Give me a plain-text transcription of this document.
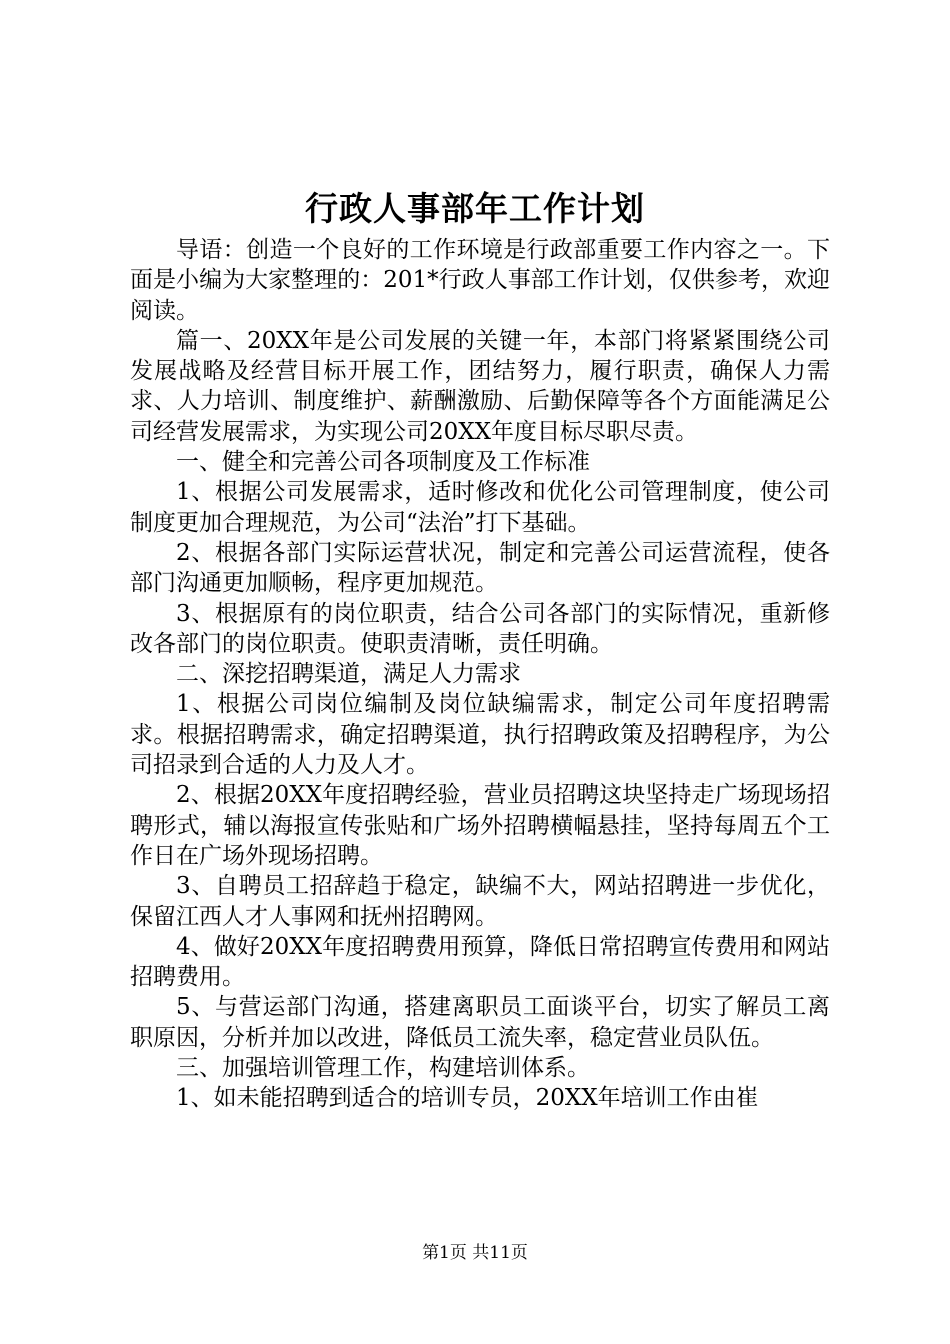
行政人事部年工作计划

导语：创造一个良好的工作环境是行政部重要工作内容之一。下面是小编为大家整理的：201*行政人事部工作计划，仅供参考，欢迎阅读。

篇一、20XX年是公司发展的关键一年，本部门将紧紧围绕公司发展战略及经营目标开展工作，团结努力，履行职责，确保人力需求、人力培训、制度维护、薪酬激励、后勤保障等各个方面能满足公司经营发展需求，为实现公司20XX年度目标尽职尽责。

一、健全和完善公司各项制度及工作标准

1、根据公司发展需求，适时修改和优化公司管理制度，使公司制度更加合理规范，为公司“法治”打下基础。

2、根据各部门实际运营状况，制定和完善公司运营流程，使各部门沟通更加顺畅，程序更加规范。

3、根据原有的岗位职责，结合公司各部门的实际情况，重新修改各部门的岗位职责。使职责清晰，责任明确。

二、深挖招聘渠道，满足人力需求

1、根据公司岗位编制及岗位缺编需求，制定公司年度招聘需求。根据招聘需求，确定招聘渠道，执行招聘政策及招聘程序，为公司招录到合适的人力及人才。

2、根据20XX年度招聘经验，营业员招聘这块坚持走广场现场招聘形式，辅以海报宣传张贴和广场外招聘横幅悬挂，坚持每周五个工作日在广场外现场招聘。

3、自聘员工招辞趋于稳定，缺编不大，网站招聘进一步优化，保留江西人才人事网和抚州招聘网。

4、做好20XX年度招聘费用预算，降低日常招聘宣传费用和网站招聘费用。

5、与营运部门沟通，搭建离职员工面谈平台，切实了解员工离职原因，分析并加以改进，降低员工流失率，稳定营业员队伍。

三、加强培训管理工作，构建培训体系。

1、如未能招聘到适合的培训专员，20XX年培训工作由崔

第1页 共11页
